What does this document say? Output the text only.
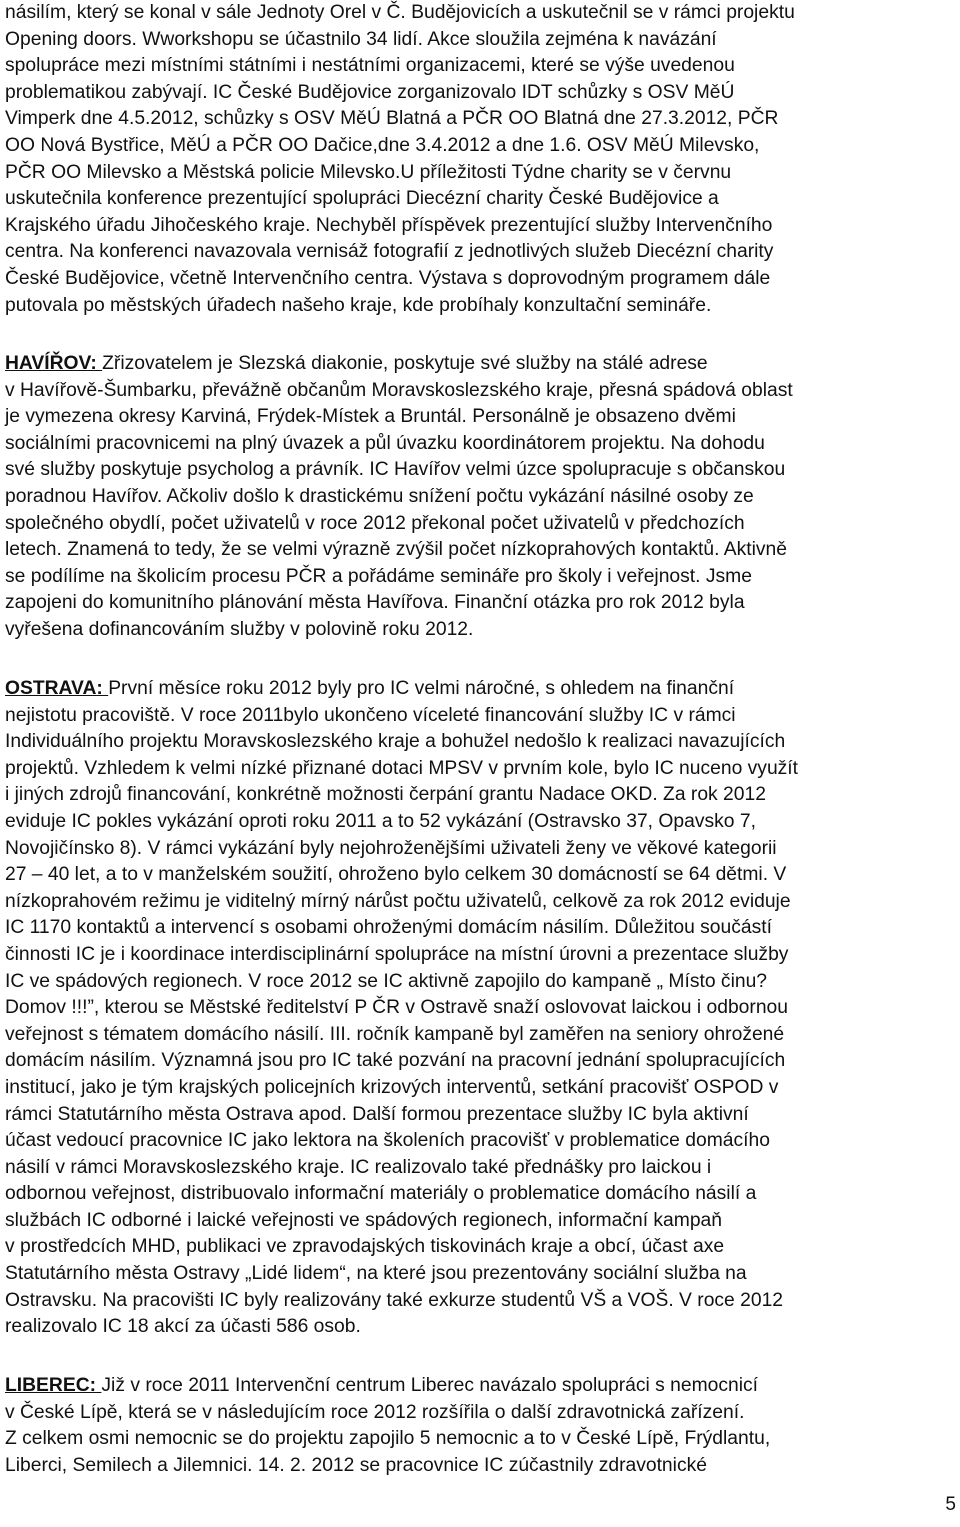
násilím, který se konal v sále Jednoty Orel v Č. Budějovicích a uskutečnil se v rámci projektu
Opening doors. Wworkshopu se účastnilo 34 lidí. Akce sloužila zejména k navázání
spolupráce mezi místními státními i nestátními organizacemi, které se výše uvedenou
problematikou zabývají. IC České Budějovice zorganizovalo IDT schůzky s OSV MěÚ
Vimperk dne 4.5.2012, schůzky s OSV MěÚ Blatná a PČR OO Blatná dne 27.3.2012, PČR
OO Nová Bystřice, MěÚ a PČR OO Dačice,dne 3.4.2012 a dne 1.6. OSV MěÚ Milevsko,
PČR OO Milevsko a Městská policie Milevsko.U příležitosti Týdne charity se v červnu
uskutečnila konference prezentující spolupráci Diecézní charity České Budějovice a
Krajského úřadu Jihočeského kraje. Nechyběl příspěvek prezentující služby Intervenčního
centra. Na konferenci navazovala vernisáž fotografií z jednotlivých služeb Diecézní charity
České Budějovice, včetně Intervenčního centra. Výstava s doprovodným programem dále
putovala po městských úřadech našeho kraje, kde probíhaly konzultační semináře.

HAVÍŘOV: Zřizovatelem je Slezská diakonie, poskytuje své služby na stálé adrese
v Havířově-Šumbarku, převážně občanům Moravskoslezského kraje, přesná spádová oblast
je vymezena okresy Karviná, Frýdek-Místek a Bruntál. Personálně je obsazeno dvěmi
sociálními pracovnicemi na plný úvazek a půl úvazku koordinátorem projektu. Na dohodu
své služby poskytuje psycholog a právník. IC Havířov velmi úzce spolupracuje s občanskou
poradnou Havířov. Ačkoliv došlo k drastickému snížení počtu vykázání násilné osoby ze
společného obydlí, počet uživatelů v roce 2012 překonal počet uživatelů v předchozích
letech. Znamená to tedy, že se velmi výrazně zvýšil počet nízkoprahových kontaktů. Aktivně
se podílíme na školicím procesu PČR a pořádáme semináře pro školy i veřejnost. Jsme
zapojeni do komunitního plánování města Havířova. Finanční otázka pro rok 2012 byla
vyřešena dofinancováním služby v polovině roku 2012.

OSTRAVA: První měsíce roku 2012 byly pro IC velmi náročné, s ohledem na finanční
nejistotu pracoviště. V roce 2011bylo ukončeno víceleté financování služby IC v rámci
Individuálního projektu Moravskoslezského kraje a bohužel nedošlo k realizaci navazujících
projektů. Vzhledem k velmi nízké přiznané dotaci MPSV v prvním kole, bylo IC nuceno využít
i jiných zdrojů financování, konkrétně možnosti čerpání grantu Nadace OKD. Za rok 2012
eviduje IC pokles vykázání oproti roku 2011 a to 52 vykázání (Ostravsko 37, Opavsko 7,
Novojičínsko 8). V rámci vykázání byly nejohroženějšími uživateli ženy ve věkové kategorii
27 – 40 let, a to v manželském soužití, ohroženo bylo celkem 30 domácností se 64 dětmi. V
nízkoprahovém režimu je viditelný mírný nárůst počtu uživatelů, celkově za rok 2012 eviduje
IC 1170 kontaktů a intervencí s osobami ohroženými domácím násilím. Důležitou součástí
činnosti IC je i koordinace interdisciplinární spolupráce na místní úrovni a prezentace služby
IC ve spádových regionech. V roce 2012 se IC aktivně zapojilo do kampaně „ Místo činu?
Domov !!!”, kterou se Městské ředitelství P ČR v Ostravě snaží oslovovat laickou i odbornou
veřejnost s tématem domácího násilí. III. ročník kampaně byl zaměřen na seniory ohrožené
domácím násilím. Významná jsou pro IC také pozvání na pracovní jednání spolupracujících
institucí, jako je tým krajských policejních krizových interventů, setkání pracovišť OSPOD v
rámci Statutárního města Ostrava apod. Další formou prezentace služby IC byla aktivní
účast vedoucí pracovnice IC jako lektora na školeních pracovišť v problematice domácího
násilí v rámci Moravskoslezského kraje. IC realizovalo také přednášky pro laickou i
odbornou veřejnost, distribuovalo informační materiály o problematice domácího násilí a
službách IC odborné i laické veřejnosti ve spádových regionech, informační kampaň
v prostředcích MHD, publikaci ve zpravodajských tiskovinách kraje a obcí, účast axe
Statutárního města Ostravy „Lidé lidem“, na které jsou prezentovány sociální služba na
Ostravsku. Na pracovišti IC byly realizovány také exkurze studentů VŠ a VOŠ. V roce 2012
realizovalo IC 18 akcí za účasti 586 osob.

LIBEREC: Již v roce 2011 Intervenční centrum Liberec navázalo spolupráci s nemocnicí
v České Lípě, která se v následujícím roce 2012 rozšířila o další zdravotnická zařízení.
Z celkem osmi nemocnic se do projektu zapojilo 5 nemocnic a to v České Lípě, Frýdlantu,
Liberci, Semilech a Jilemnici. 14. 2. 2012 se pracovnice IC zúčastnily zdravotnické

5
